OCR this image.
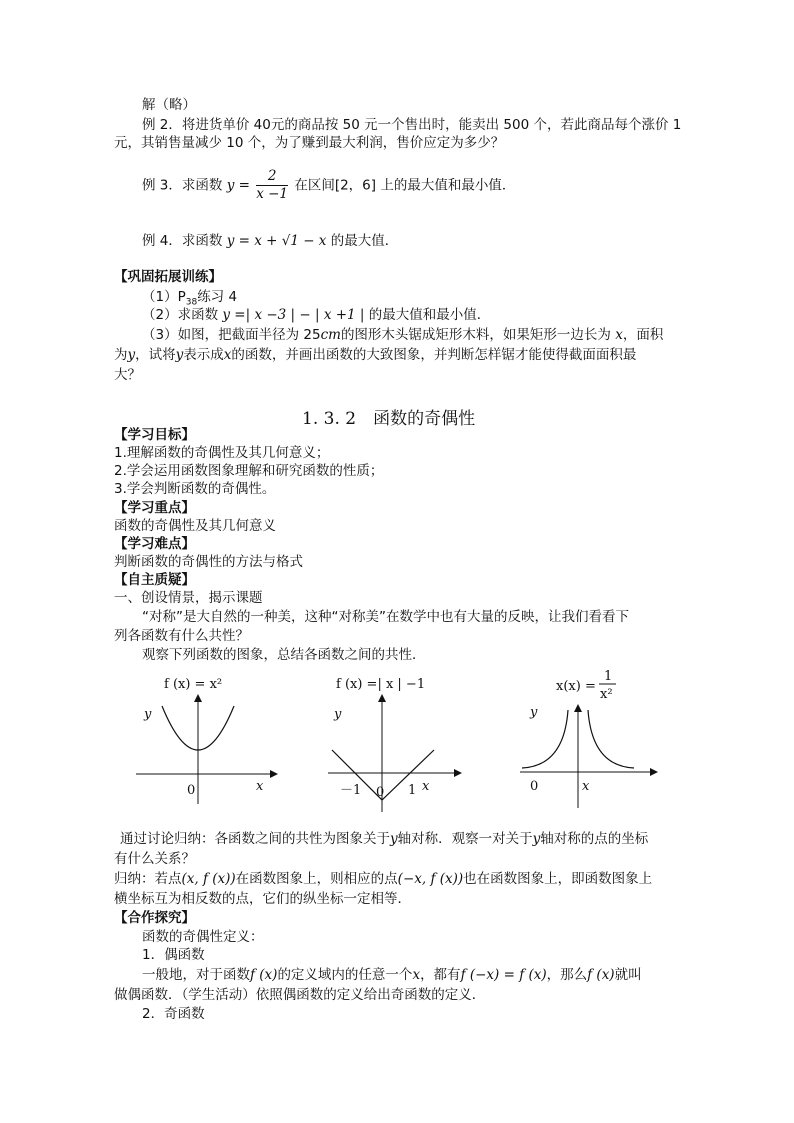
解（略）
例 2．将进货单价 40元的商品按 50 元一个售出时，能卖出 500 个，若此商品每个涨价 1
元，其销售量减少 10 个，为了赚到最大利润，售价应定为多少？
例 3．求函数 $y = \frac{2}{x -1}$ 在区间[2，6] 上的最大值和最小值．
例 4．求函数 y = x + √1 − x 的最大值．
【巩固拓展训练】
$(1)P_{38}$练习 4
（2）求函数 y =| x −3 | − | x +1 | 的最大值和最小值．
（3）如图，把截面半径为 25cm的图形木头锯成矩形木料，如果矩形一边长为 x，面积
为y，试将y表示成x的函数，并画出函数的大致图象，并判断怎样锯才能使得截面面积最
大？
1. 3. 2　函数的奇偶性
【学习目标】
1.理解函数的奇偶性及其几何意义；
2.学会运用函数图象理解和研究函数的性质；
3.学会判断函数的奇偶性。
【学习重点】
函数的奇偶性及其几何意义
【学习难点】
判断函数的奇偶性的方法与格式
【自主质疑】
一、创设情景，揭示课题
“对称”是大自然的一种美，这种“对称美”在数学中也有大量的反映，让我们看看下
列各函数有什么共性？
观察下列函数的图象，总结各函数之间的共性．
f (x) = x²
y
0	x
f (x) =| x | −1
y
－1 0 1 x
x(x) =
1
x²
y
0	x
通过讨论归纳：各函数之间的共性为图象关于y轴对称．观察一对关于y轴对称的点的坐标
有什么关系？
归纳：若点(x, f (x))在函数图象上，则相应的点(−x, f (x))也在函数图象上，即函数图象上
横坐标互为相反数的点，它们的纵坐标一定相等．
【合作探究】
函数的奇偶性定义：
1．偶函数
一般地，对于函数f (x)的定义域内的任意一个x，都有f (−x) = f (x)，那么f (x)就叫
做偶函数．（学生活动）依照偶函数的定义给出奇函数的定义．
2．奇函数
